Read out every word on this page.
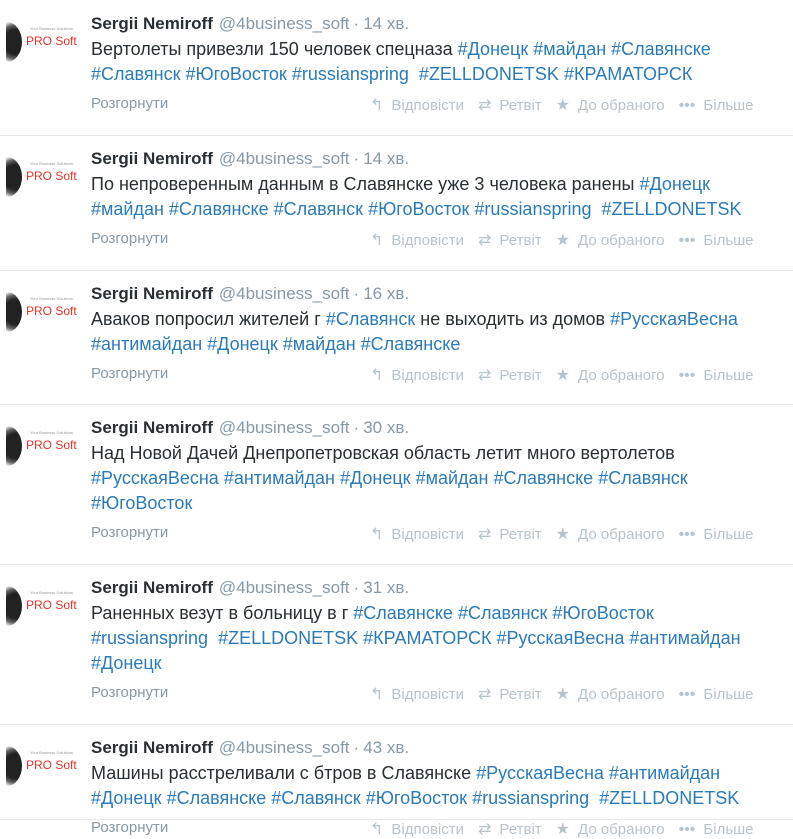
Your Business Solutions
PRO Soft
Sergii Nemiroff @4business_soft · 14 хв.
Вертолеты привезли 150 человек спецназа #Донецк #майдан #Славянске
#Славянск #ЮгоВосток #russianspring #ZELLDONETSK #КРАМАТОРСК
Розгорнути	↰ Відповісти ⇄ Ретвіт ★ До обраного ••• Більше
Your Business Solutions
PRO Soft
Sergii Nemiroff @4business_soft · 14 хв.
По непроверенным данным в Славянске уже 3 человека ранены #Донецк
#майдан #Славянске #Славянск #ЮгоВосток #russianspring #ZELLDONETSK
Розгорнути	↰ Відповісти ⇄ Ретвіт ★ До обраного ••• Більше
Your Business Solutions
PRO Soft
Sergii Nemiroff @4business_soft · 16 хв.
Аваков попросил жителей г #Славянск не выходить из домов #РусскаяВесна
#антимайдан #Донецк #майдан #Славянске
Розгорнути	↰ Відповісти ⇄ Ретвіт ★ До обраного ••• Більше
Your Business Solutions
PRO Soft
Sergii Nemiroff @4business_soft · 30 хв.
Над Новой Дачей Днепропетровская область летит много вертолетов
#РусскаяВесна #антимайдан #Донецк #майдан #Славянске #Славянск
#ЮгоВосток
Розгорнути	↰ Відповісти ⇄ Ретвіт ★ До обраного ••• Більше
Your Business Solutions
PRO Soft
Sergii Nemiroff @4business_soft · 31 хв.
Раненных везут в больницу в г #Славянске #Славянск #ЮгоВосток
#russianspring #ZELLDONETSK #КРАМАТОРСК #РусскаяВесна #антимайдан
#Донецк
Розгорнути	↰ Відповісти ⇄ Ретвіт ★ До обраного ••• Більше
Your Business Solutions
PRO Soft
Sergii Nemiroff @4business_soft · 43 хв.
Машины расстреливали с бтров в Славянске #РусскаяВесна #антимайдан
#Донецк #Славянске #Славянск #ЮгоВосток #russianspring #ZELLDONETSK
Розгорнути	↰ Відповісти ⇄ Ретвіт ★ До обраного ••• Більше
